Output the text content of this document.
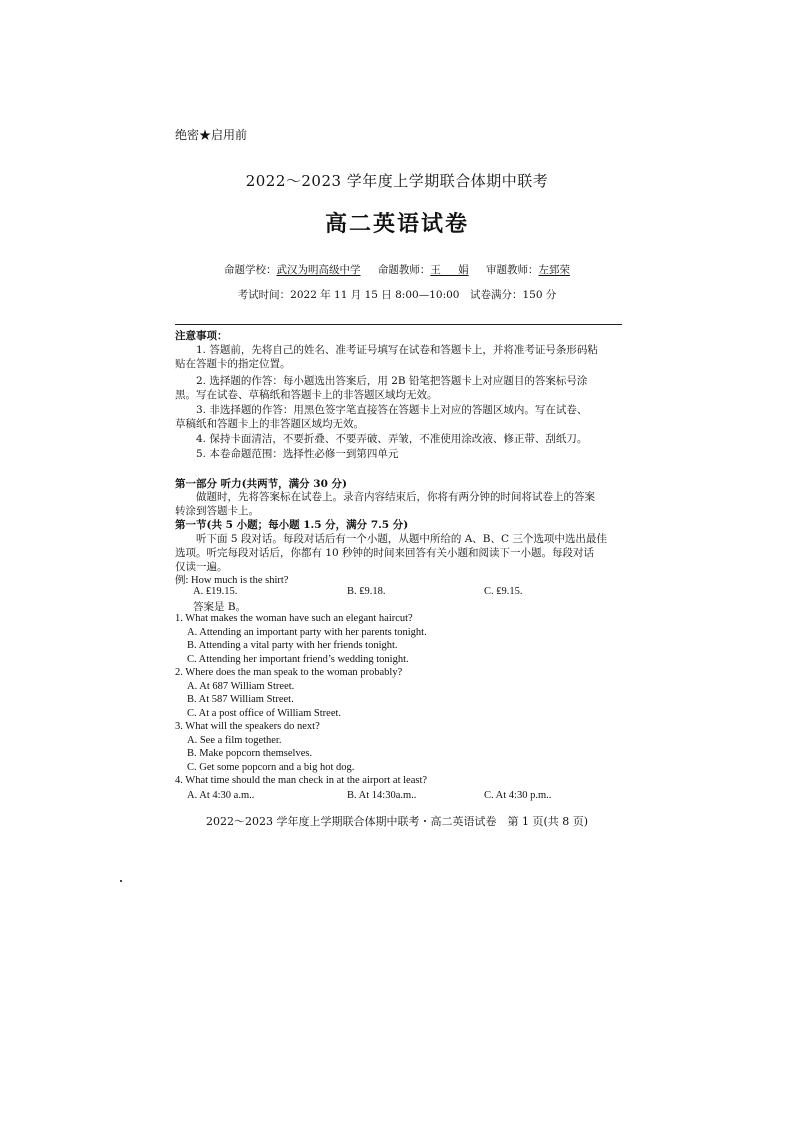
绝密★启用前
2022～2023 学年度上学期联合体期中联考
高二英语试卷
命题学校：武汉为明高级中学 命题教师：王 娟 审题教师：左郅荣
考试时间：2022 年 11 月 15 日 8:00—10:00　试卷满分：150 分
注意事项：
1. 答题前，先将自己的姓名、准考证号填写在试卷和答题卡上，并将准考证号条形码粘
贴在答题卡的指定位置。
2. 选择题的作答：每小题选出答案后，用 2B 铅笔把答题卡上对应题目的答案标号涂
黑。写在试卷、草稿纸和答题卡上的非答题区域均无效。
3. 非选择题的作答：用黑色签字笔直接答在答题卡上对应的答题区域内。写在试卷、
草稿纸和答题卡上的非答题区域均无效。
4. 保持卡面清洁，不要折叠、不要弄破、弄皱，不准使用涂改液、修正带、刮纸刀。
5. 本卷命题范围：选择性必修一到第四单元
第一部分 听力(共两节，满分 30 分)
做题时，先将答案标在试卷上。录音内容结束后，你将有两分钟的时间将试卷上的答案
转涂到答题卡上。
第一节(共 5 小题；每小题 1.5 分，满分 7.5 分)
听下面 5 段对话。每段对话后有一个小题，从题中所给的 A、B、C 三个选项中选出最佳
选项。听完每段对话后，你都有 10 秒钟的时间来回答有关小题和阅读下一小题。每段对话
仅读一遍。
例: How much is the shirt?
A. ₤19.15.	B. ₤9.18.	C. ₤9.15.
答案是 B。
1. What makes the woman have such an elegant haircut?
A. Attending an important party with her parents tonight.
B. Attending a vital party with her friends tonight.
C. Attending her important friend’s wedding tonight.
2. Where does the man speak to the woman probably?
A. At 687 William Street.
B. At 587 William Street.
C. At a post office of William Street.
3. What will the speakers do next?
A. See a film together.
B. Make popcorn themselves.
C. Get some popcorn and a big hot dog.
4. What time should the man check in at the airport at least?
A. At 4:30 a.m..	B. At 14:30a.m..	C. At 4:30 p.m..
2022～2023 学年度上学期联合体期中联考・高二英语试卷　第 1 页(共 8 页)
